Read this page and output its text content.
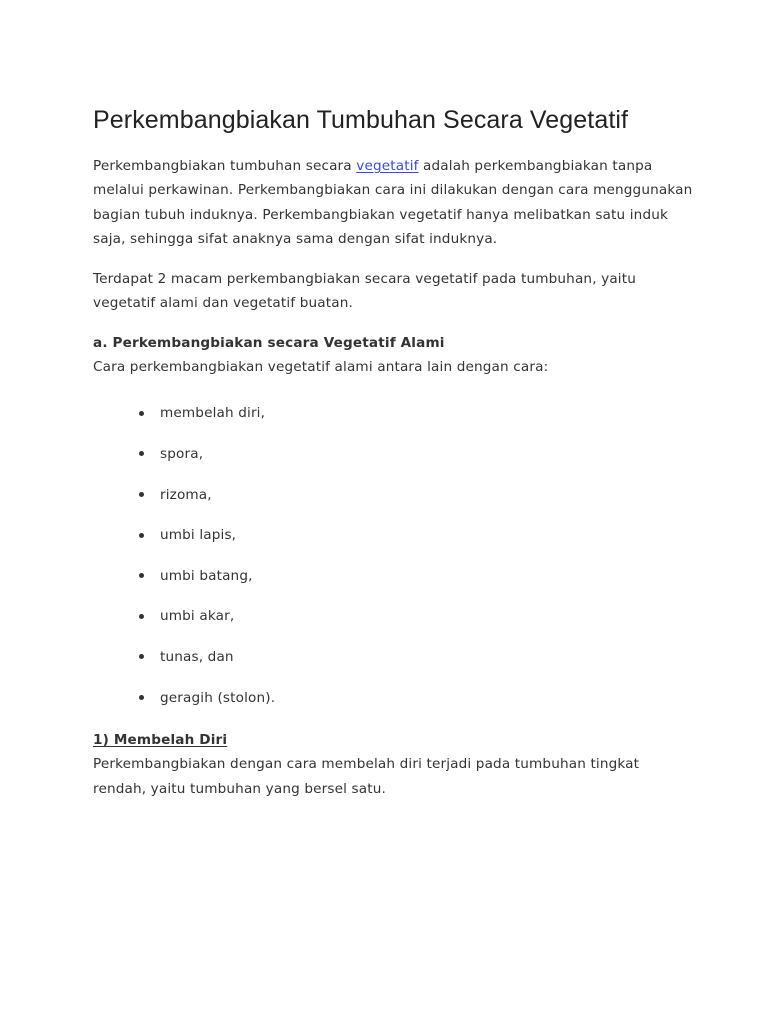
Perkembangbiakan Tumbuhan Secara Vegetatif

Perkembangbiakan tumbuhan secara vegetatif adalah perkembangbiakan tanpa melalui perkawinan. Perkembangbiakan cara ini dilakukan dengan cara menggunakan bagian tubuh induknya. Perkembangbiakan vegetatif hanya melibatkan satu induk saja, sehingga sifat anaknya sama dengan sifat induknya.

Terdapat 2 macam perkembangbiakan secara vegetatif pada tumbuhan, yaitu vegetatif alami dan vegetatif buatan.

a. Perkembangbiakan secara Vegetatif Alami

Cara perkembangbiakan vegetatif alami antara lain dengan cara:

membelah diri,
spora,
rizoma,
umbi lapis,
umbi batang,
umbi akar,
tunas, dan
geragih (stolon).
1) Membelah Diri

Perkembangbiakan dengan cara membelah diri terjadi pada tumbuhan tingkat rendah, yaitu tumbuhan yang bersel satu.
